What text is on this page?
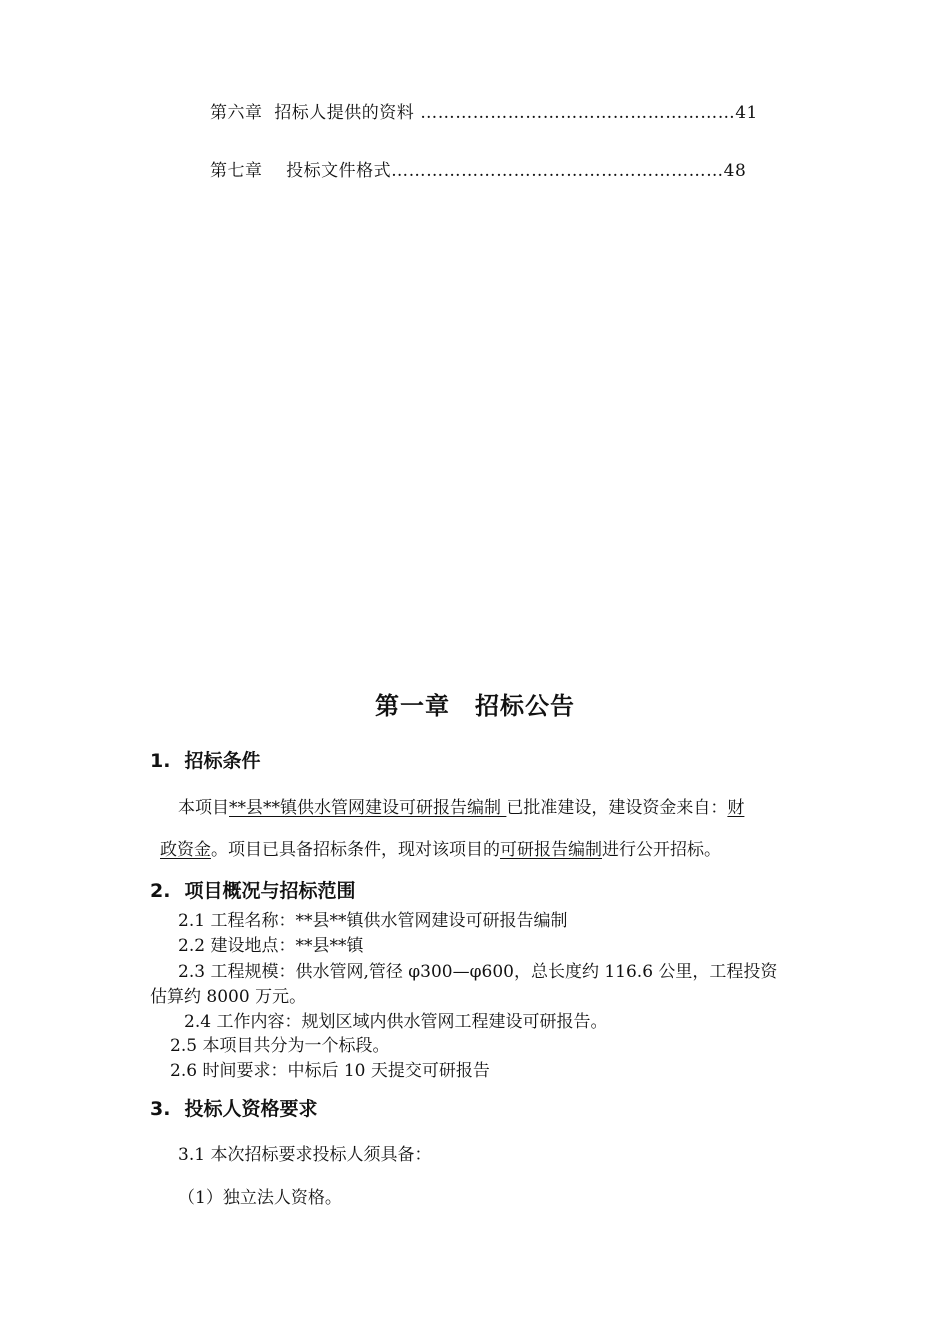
第六章 招标人提供的资料 ………………………………………………41
第七章 投标文件格式…………………………………………………48
第一章　招标公告
1. 招标条件
本项目**县**镇供水管网建设可研报告编制 已批准建设，建设资金来自：财
政资金。项目已具备招标条件，现对该项目的可研报告编制进行公开招标。
2. 项目概况与招标范围
2.1 工程名称：**县**镇供水管网建设可研报告编制
2.2 建设地点：**县**镇
2.3 工程规模：供水管网,管径 φ300—φ600，总长度约 116.6 公里，工程投资
估算约 8000 万元。
2.4 工作内容：规划区域内供水管网工程建设可研报告。
2.5 本项目共分为一个标段。
2.6 时间要求：中标后 10 天提交可研报告
3. 投标人资格要求
3.1 本次招标要求投标人须具备：
（1）独立法人资格。
